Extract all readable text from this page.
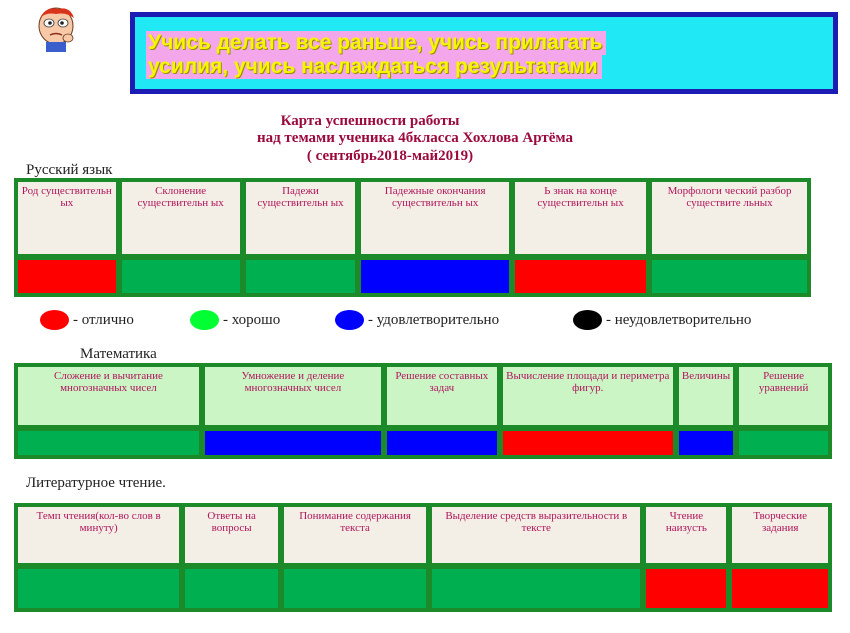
Учись делать все раньше, учись прилагать
усилия, учись наслаждаться результатами
Карта успешности работы
над темами ученика 4бкласса Хохлова Артёма
( сентябрь2018-май2019)
Русский язык
Род существительн ых	Склонение существительн ых	Падежи существительн ых	Падежные окончания существительн ых	Ь знак на конце существительн ых	Морфологи ческий разбор существите льных

- отлично	- хорошо	- удовлетворительно	- неудовлетворительно
Математика
Сложение и вычитание многозначных чисел	Умножение и деление многозначных чисел	Решение составных задач	Вычисление площади и периметра фигур.	Величины	Решение уравнений

Литературное чтение.
Темп чтения(кол-во слов в минуту)	Ответы на вопросы	Понимание содержания текста	Выделение средств выразительности в тексте	Чтение наизусть	Творческие задания
